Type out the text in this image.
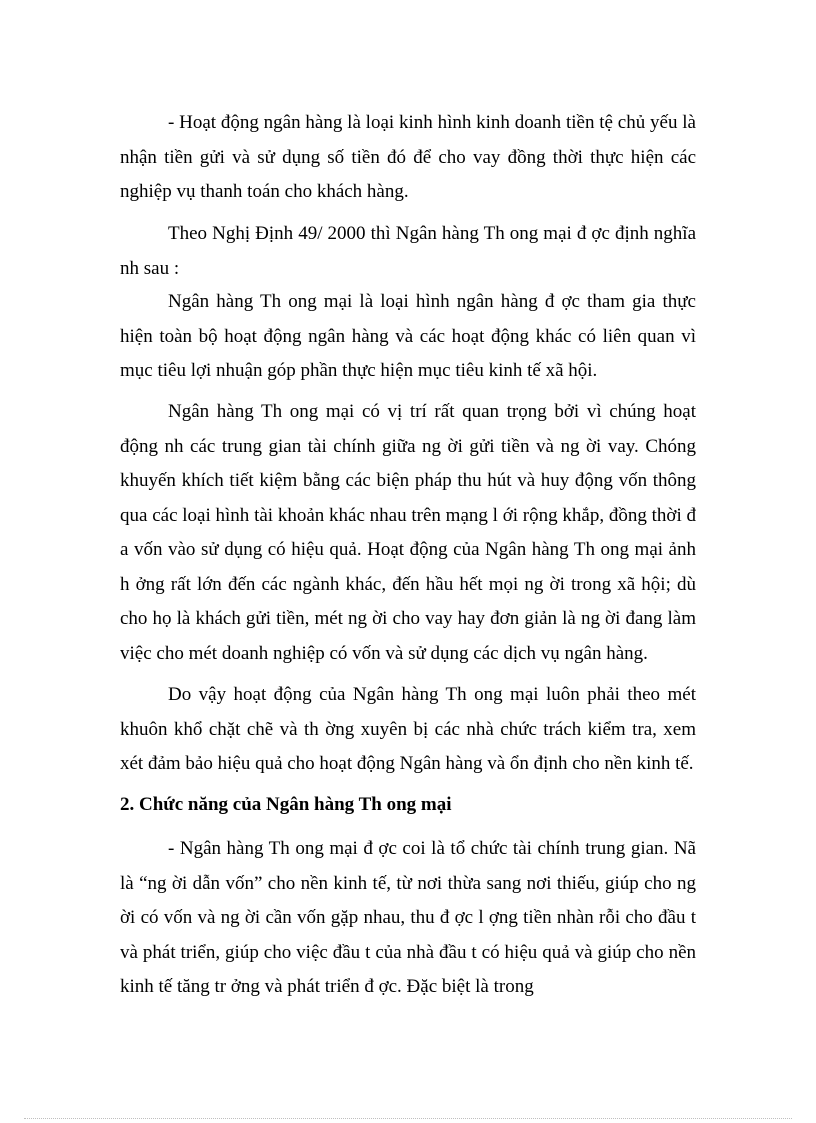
- Hoạt động ngân hàng là loại kinh hình kinh doanh tiền tệ chủ yếu là nhận tiền gửi và sử dụng số tiền đó để cho vay đồng thời thực hiện các nghiệp vụ thanh toán cho khách hàng.

Theo Nghị Định 49/ 2000 thì Ngân hàng Th ong mại đ ợc định nghĩa nh sau :

Ngân hàng Th ong mại là loại hình ngân hàng đ ợc tham gia thực hiện toàn bộ hoạt động ngân hàng và các hoạt động khác có liên quan vì mục tiêu lợi nhuận góp phần thực hiện mục tiêu kinh tế xã hội.

Ngân hàng Th ong mại có vị trí rất quan trọng bởi vì chúng hoạt động nh các trung gian tài chính giữa ng ời gửi tiền và ng ời vay. Chóng khuyến khích tiết kiệm bằng các biện pháp thu hút và huy động vốn thông qua các loại hình tài khoản khác nhau trên mạng l ới rộng khắp, đồng thời đ a vốn vào sử dụng có hiệu quả. Hoạt động của Ngân hàng Th ong mại ảnh h ởng rất lớn đến các ngành khác, đến hầu hết mọi ng ời trong xã hội; dù cho họ là khách gửi tiền, mét ng ời cho vay hay đơn giản là ng ời đang làm việc cho mét doanh nghiệp có vốn và sử dụng các dịch vụ ngân hàng.

Do vậy hoạt động của Ngân hàng Th ong mại luôn phải theo mét khuôn khổ chặt chẽ và th ờng xuyên bị các nhà chức trách kiểm tra, xem xét đảm bảo hiệu quả cho hoạt động Ngân hàng và ổn định cho nền kinh tế.

2. Chức năng của Ngân hàng Th ong mại

- Ngân hàng Th ong mại đ ợc coi là tổ chức tài chính trung gian. Nã là “ng ời dẫn vốn” cho nền kinh tế, từ nơi thừa sang nơi thiếu, giúp cho ng ời có vốn và ng ời cần vốn gặp nhau, thu đ ợc l ợng tiền nhàn rỗi cho đầu t và phát triển, giúp cho việc đầu t của nhà đầu t có hiệu quả và giúp cho nền kinh tế tăng tr ởng và phát triển đ ợc. Đặc biệt là trong
